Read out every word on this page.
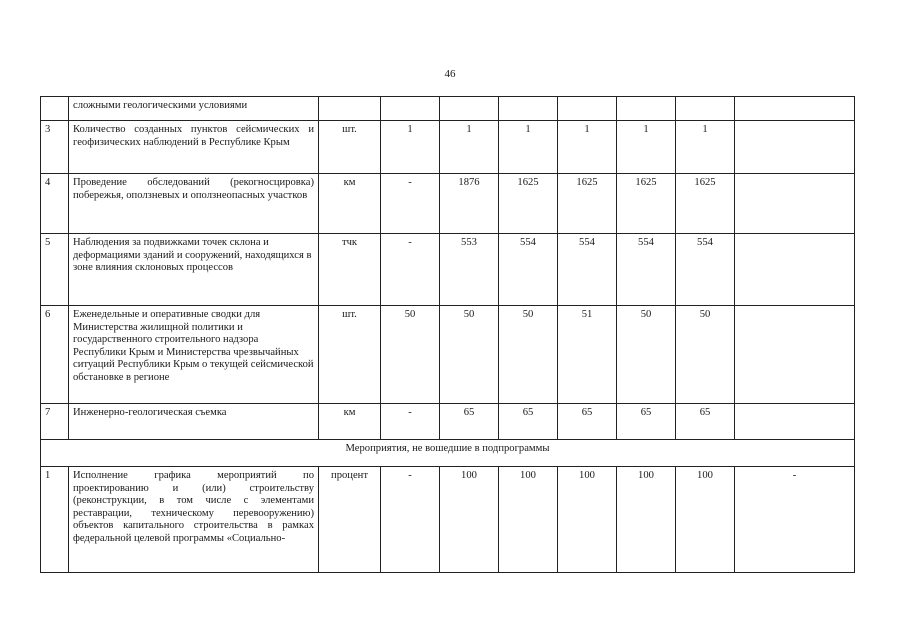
46
	сложными геологическими условиями								
3	Количество созданных пунктов сейсмических и геофизических наблюдений в Республике Крым	шт.	1	1	1	1	1	1	
4	Проведение обследований (рекогносцировка) побережья, оползневых и оползнеопасных участков	км	-	1876	1625	1625	1625	1625	
5	Наблюдения за подвижками точек склона и деформациями зданий и сооружений, находящихся в зоне влияния склоновых процессов	тчк	-	553	554	554	554	554	
6	Еженедельные и оперативные сводки для Министерства жилищной политики и государственного строительного надзора Республики Крым и Министерства чрезвычайных ситуаций Республики Крым о текущей сейсмической обстановке в регионе	шт.	50	50	50	51	50	50	
7	Инженерно-геологическая съемка	км	-	65	65	65	65	65	
Мероприятия, не вошедшие в подпрограммы									
1	Исполнение графика мероприятий по проектированию и (или) строительству (реконструкции, в том числе с элементами реставрации, техническому перевооружению) объектов капитального строительства в рамках федеральной целевой программы «Социально-	процент	-	100	100	100	100	100	-
